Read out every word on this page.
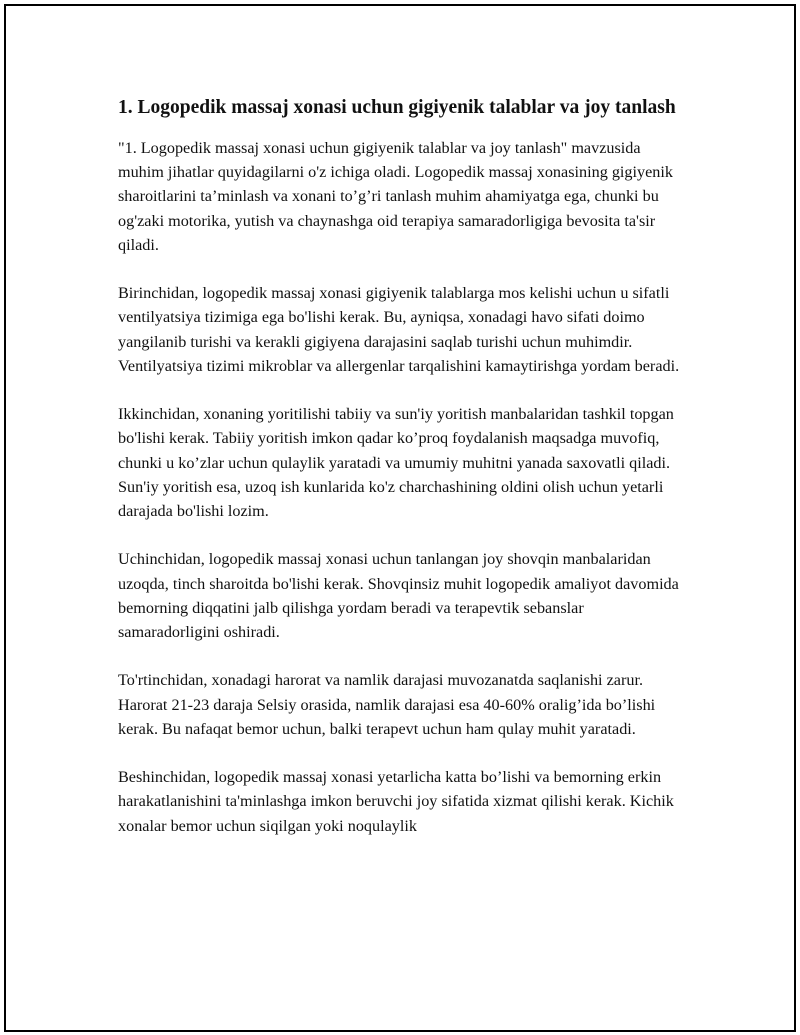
1. Logopedik massaj xonasi uchun gigiyenik talablar va joy tanlash

"1. Logopedik massaj xonasi uchun gigiyenik talablar va joy tanlash" mavzusida muhim jihatlar quyidagilarni o'z ichiga oladi. Logopedik massaj xonasining gigiyenik sharoitlarini ta’minlash va xonani to’g’ri tanlash muhim ahamiyatga ega, chunki bu og'zaki motorika, yutish va chaynashga oid terapiya samaradorligiga bevosita ta'sir qiladi.

Birinchidan, logopedik massaj xonasi gigiyenik talablarga mos kelishi uchun u sifatli ventilyatsiya tizimiga ega bo'lishi kerak. Bu, ayniqsa, xonadagi havo sifati doimo yangilanib turishi va kerakli gigiyena darajasini saqlab turishi uchun muhimdir. Ventilyatsiya tizimi mikroblar va allergenlar tarqalishini kamaytirishga yordam beradi.

Ikkinchidan, xonaning yoritilishi tabiiy va sun'iy yoritish manbalaridan tashkil topgan bo'lishi kerak. Tabiiy yoritish imkon qadar ko’proq foydalanish maqsadga muvofiq, chunki u ko’zlar uchun qulaylik yaratadi va umumiy muhitni yanada saxovatli qiladi. Sun'iy yoritish esa, uzoq ish kunlarida ko'z charchashining oldini olish uchun yetarli darajada bo'lishi lozim.

Uchinchidan, logopedik massaj xonasi uchun tanlangan joy shovqin manbalaridan uzoqda, tinch sharoitda bo'lishi kerak. Shovqinsiz muhit logopedik amaliyot davomida bemorning diqqatini jalb qilishga yordam beradi va terapevtik sebanslar samaradorligini oshiradi.

To'rtinchidan, xonadagi harorat va namlik darajasi muvozanatda saqlanishi zarur. Harorat 21-23 daraja Selsiy orasida, namlik darajasi esa 40-60% oralig’ida bo’lishi kerak. Bu nafaqat bemor uchun, balki terapevt uchun ham qulay muhit yaratadi.

Beshinchidan, logopedik massaj xonasi yetarlicha katta bo’lishi va bemorning erkin harakatlanishini ta'minlashga imkon beruvchi joy sifatida xizmat qilishi kerak. Kichik xonalar bemor uchun siqilgan yoki noqulaylik
